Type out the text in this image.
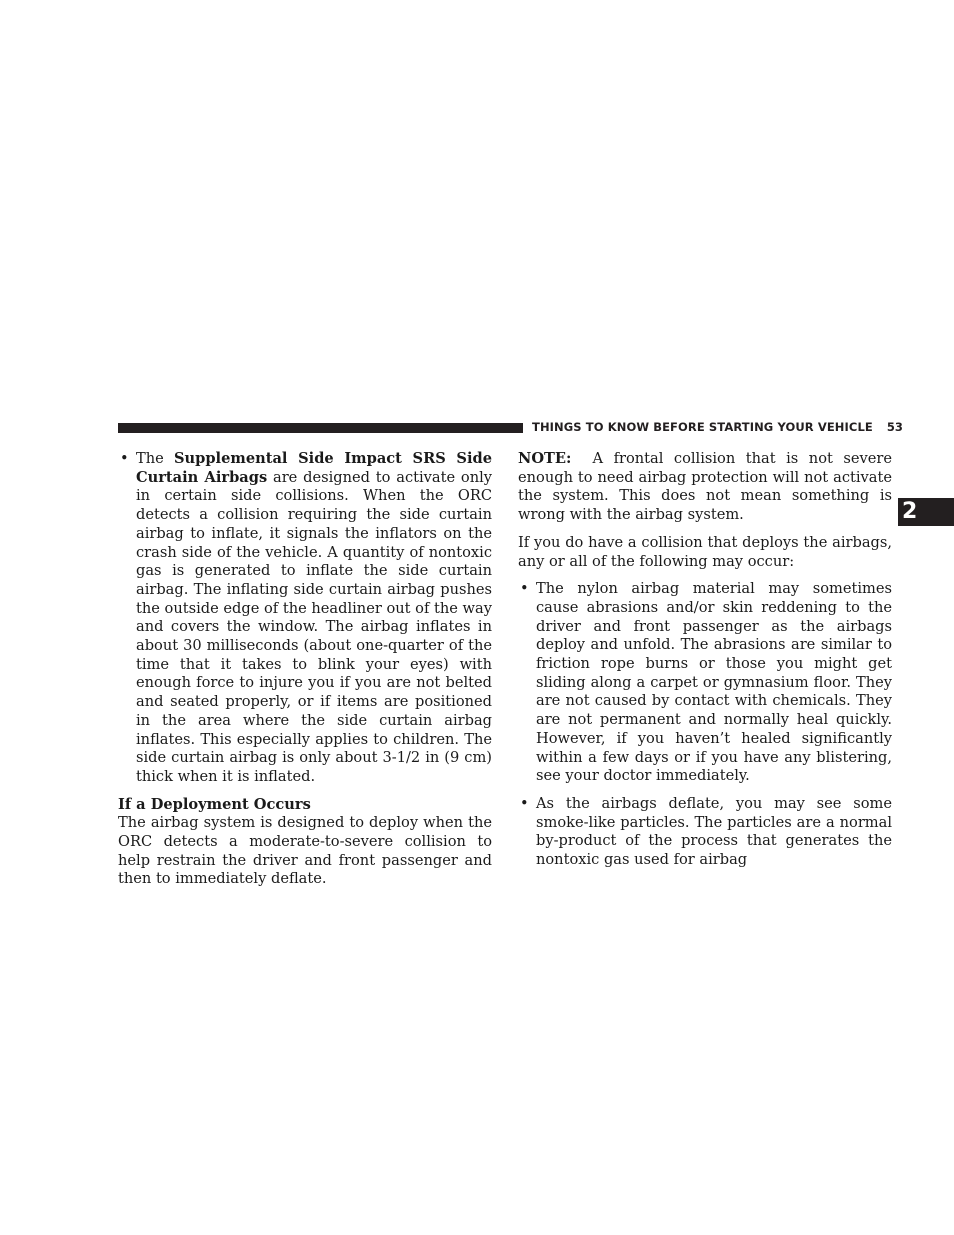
THINGS TO KNOW BEFORE STARTING YOUR VEHICLE 53
2
• The Supplemental Side Impact SRS Side Curtain Airbags are designed to activate only in certain side collisions. When the ORC detects a collision requiring the side curtain airbag to inflate, it signals the inflators on the crash side of the vehicle. A quantity of nontoxic gas is generated to inflate the side curtain airbag. The inflating side curtain airbag pushes the outside edge of the headliner out of the way and covers the window. The airbag inflates in about 30 milliseconds (about one-quarter of the time that it takes to blink your eyes) with enough force to injure you if you are not belted and seated properly, or if items are positioned in the area where the side curtain airbag inflates. This especially applies to children. The side curtain airbag is only about 3-1/2 in (9 cm) thick when it is inflated.
If a Deployment Occurs

The airbag system is designed to deploy when the ORC detects a moderate-to-severe collision to help restrain the driver and front passenger and then to immediately deflate.

NOTE: A frontal collision that is not severe enough to need airbag protection will not activate the system. This does not mean something is wrong with the airbag system.

If you do have a collision that deploys the airbags, any or all of the following may occur:

• The nylon airbag material may sometimes cause abrasions and/or skin reddening to the driver and front passenger as the airbags deploy and unfold. The abrasions are similar to friction rope burns or those you might get sliding along a carpet or gymnasium floor. They are not caused by contact with chemicals. They are not permanent and normally heal quickly. However, if you haven’t healed significantly within a few days or if you have any blistering, see your doctor immediately.
• As the airbags deflate, you may see some smoke-like particles. The particles are a normal by-product of the process that generates the nontoxic gas used for airbag
